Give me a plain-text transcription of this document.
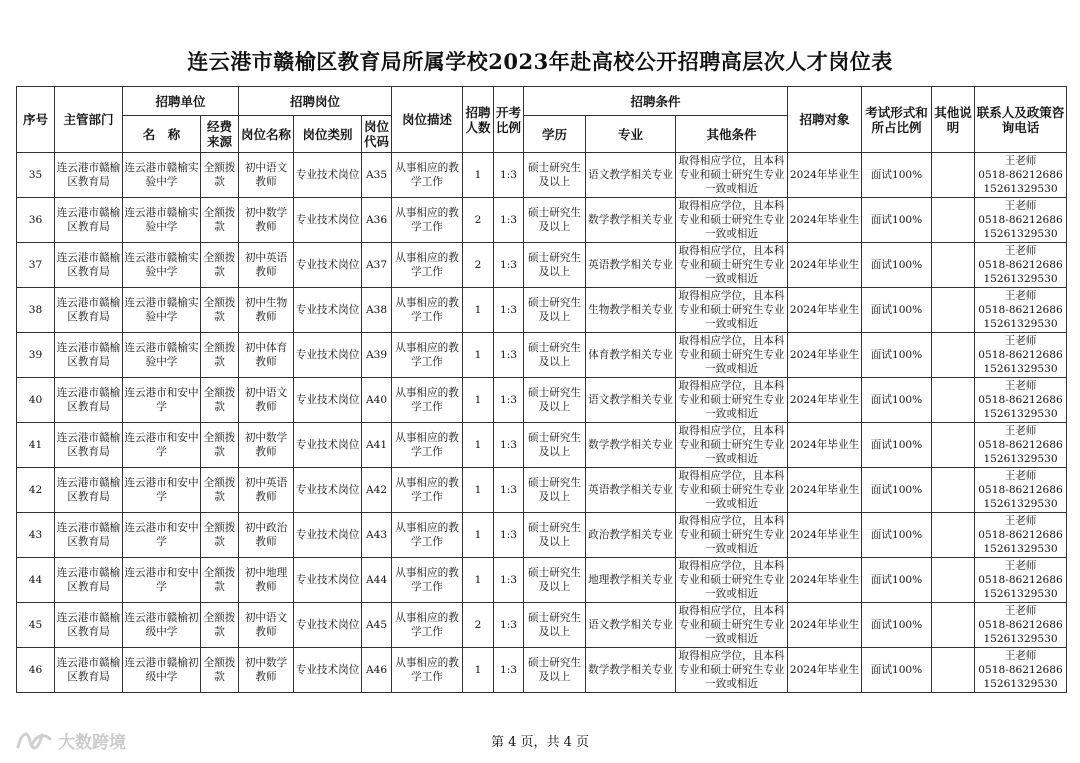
连云港市赣榆区教育局所属学校2023年赴高校公开招聘高层次人才岗位表
序号	主管部门	招聘单位		招聘岗位			岗位描述	招聘人数	开考比例	招聘条件			招聘对象	考试形式和所占比例	其他说明	联系人及政策咨询电话
		名　称	经费来源	岗位名称	岗位类别	岗位代码				学历	专业	其他条件				
35	连云港市赣榆区教育局	连云港市赣榆实验中学	全额拨款	初中语文教师	专业技术岗位	A35	从事相应的教学工作	1	1:3	硕士研究生及以上	语文教学相关专业	取得相应学位，且本科专业和硕士研究生专业一致或相近	2024年毕业生	面试100%		王老师
0518-86212686
15261329530

36	连云港市赣榆区教育局	连云港市赣榆实验中学	全额拨款	初中数学教师	专业技术岗位	A36	从事相应的教学工作	2	1:3	硕士研究生及以上	数学教学相关专业	取得相应学位，且本科专业和硕士研究生专业一致或相近	2024年毕业生	面试100%		王老师
0518-86212686
15261329530

37	连云港市赣榆区教育局	连云港市赣榆实验中学	全额拨款	初中英语教师	专业技术岗位	A37	从事相应的教学工作	2	1:3	硕士研究生及以上	英语教学相关专业	取得相应学位，且本科专业和硕士研究生专业一致或相近	2024年毕业生	面试100%		王老师
0518-86212686
15261329530

38	连云港市赣榆区教育局	连云港市赣榆实验中学	全额拨款	初中生物教师	专业技术岗位	A38	从事相应的教学工作	1	1:3	硕士研究生及以上	生物教学相关专业	取得相应学位，且本科专业和硕士研究生专业一致或相近	2024年毕业生	面试100%		王老师
0518-86212686
15261329530

39	连云港市赣榆区教育局	连云港市赣榆实验中学	全额拨款	初中体育教师	专业技术岗位	A39	从事相应的教学工作	1	1:3	硕士研究生及以上	体育教学相关专业	取得相应学位，且本科专业和硕士研究生专业一致或相近	2024年毕业生	面试100%		王老师
0518-86212686
15261329530

40	连云港市赣榆区教育局	连云港市和安中学	全额拨款	初中语文教师	专业技术岗位	A40	从事相应的教学工作	1	1:3	硕士研究生及以上	语文教学相关专业	取得相应学位，且本科专业和硕士研究生专业一致或相近	2024年毕业生	面试100%		王老师
0518-86212686
15261329530

41	连云港市赣榆区教育局	连云港市和安中学	全额拨款	初中数学教师	专业技术岗位	A41	从事相应的教学工作	1	1:3	硕士研究生及以上	数学教学相关专业	取得相应学位，且本科专业和硕士研究生专业一致或相近	2024年毕业生	面试100%		王老师
0518-86212686
15261329530

42	连云港市赣榆区教育局	连云港市和安中学	全额拨款	初中英语教师	专业技术岗位	A42	从事相应的教学工作	1	1:3	硕士研究生及以上	英语教学相关专业	取得相应学位，且本科专业和硕士研究生专业一致或相近	2024年毕业生	面试100%		王老师
0518-86212686
15261329530

43	连云港市赣榆区教育局	连云港市和安中学	全额拨款	初中政治教师	专业技术岗位	A43	从事相应的教学工作	1	1:3	硕士研究生及以上	政治教学相关专业	取得相应学位，且本科专业和硕士研究生专业一致或相近	2024年毕业生	面试100%		王老师
0518-86212686
15261329530

44	连云港市赣榆区教育局	连云港市和安中学	全额拨款	初中地理教师	专业技术岗位	A44	从事相应的教学工作	1	1:3	硕士研究生及以上	地理教学相关专业	取得相应学位，且本科专业和硕士研究生专业一致或相近	2024年毕业生	面试100%		王老师
0518-86212686
15261329530

45	连云港市赣榆区教育局	连云港市赣榆初级中学	全额拨款	初中语文教师	专业技术岗位	A45	从事相应的教学工作	2	1:3	硕士研究生及以上	语文教学相关专业	取得相应学位，且本科专业和硕士研究生专业一致或相近	2024年毕业生	面试100%		王老师
0518-86212686
15261329530

46	连云港市赣榆区教育局	连云港市赣榆初级中学	全额拨款	初中数学教师	专业技术岗位	A46	从事相应的教学工作	1	1:3	硕士研究生及以上	数学教学相关专业	取得相应学位，且本科专业和硕士研究生专业一致或相近	2024年毕业生	面试100%		王老师
0518-86212686
15261329530
大数跨境	第 4 页，共 4 页
